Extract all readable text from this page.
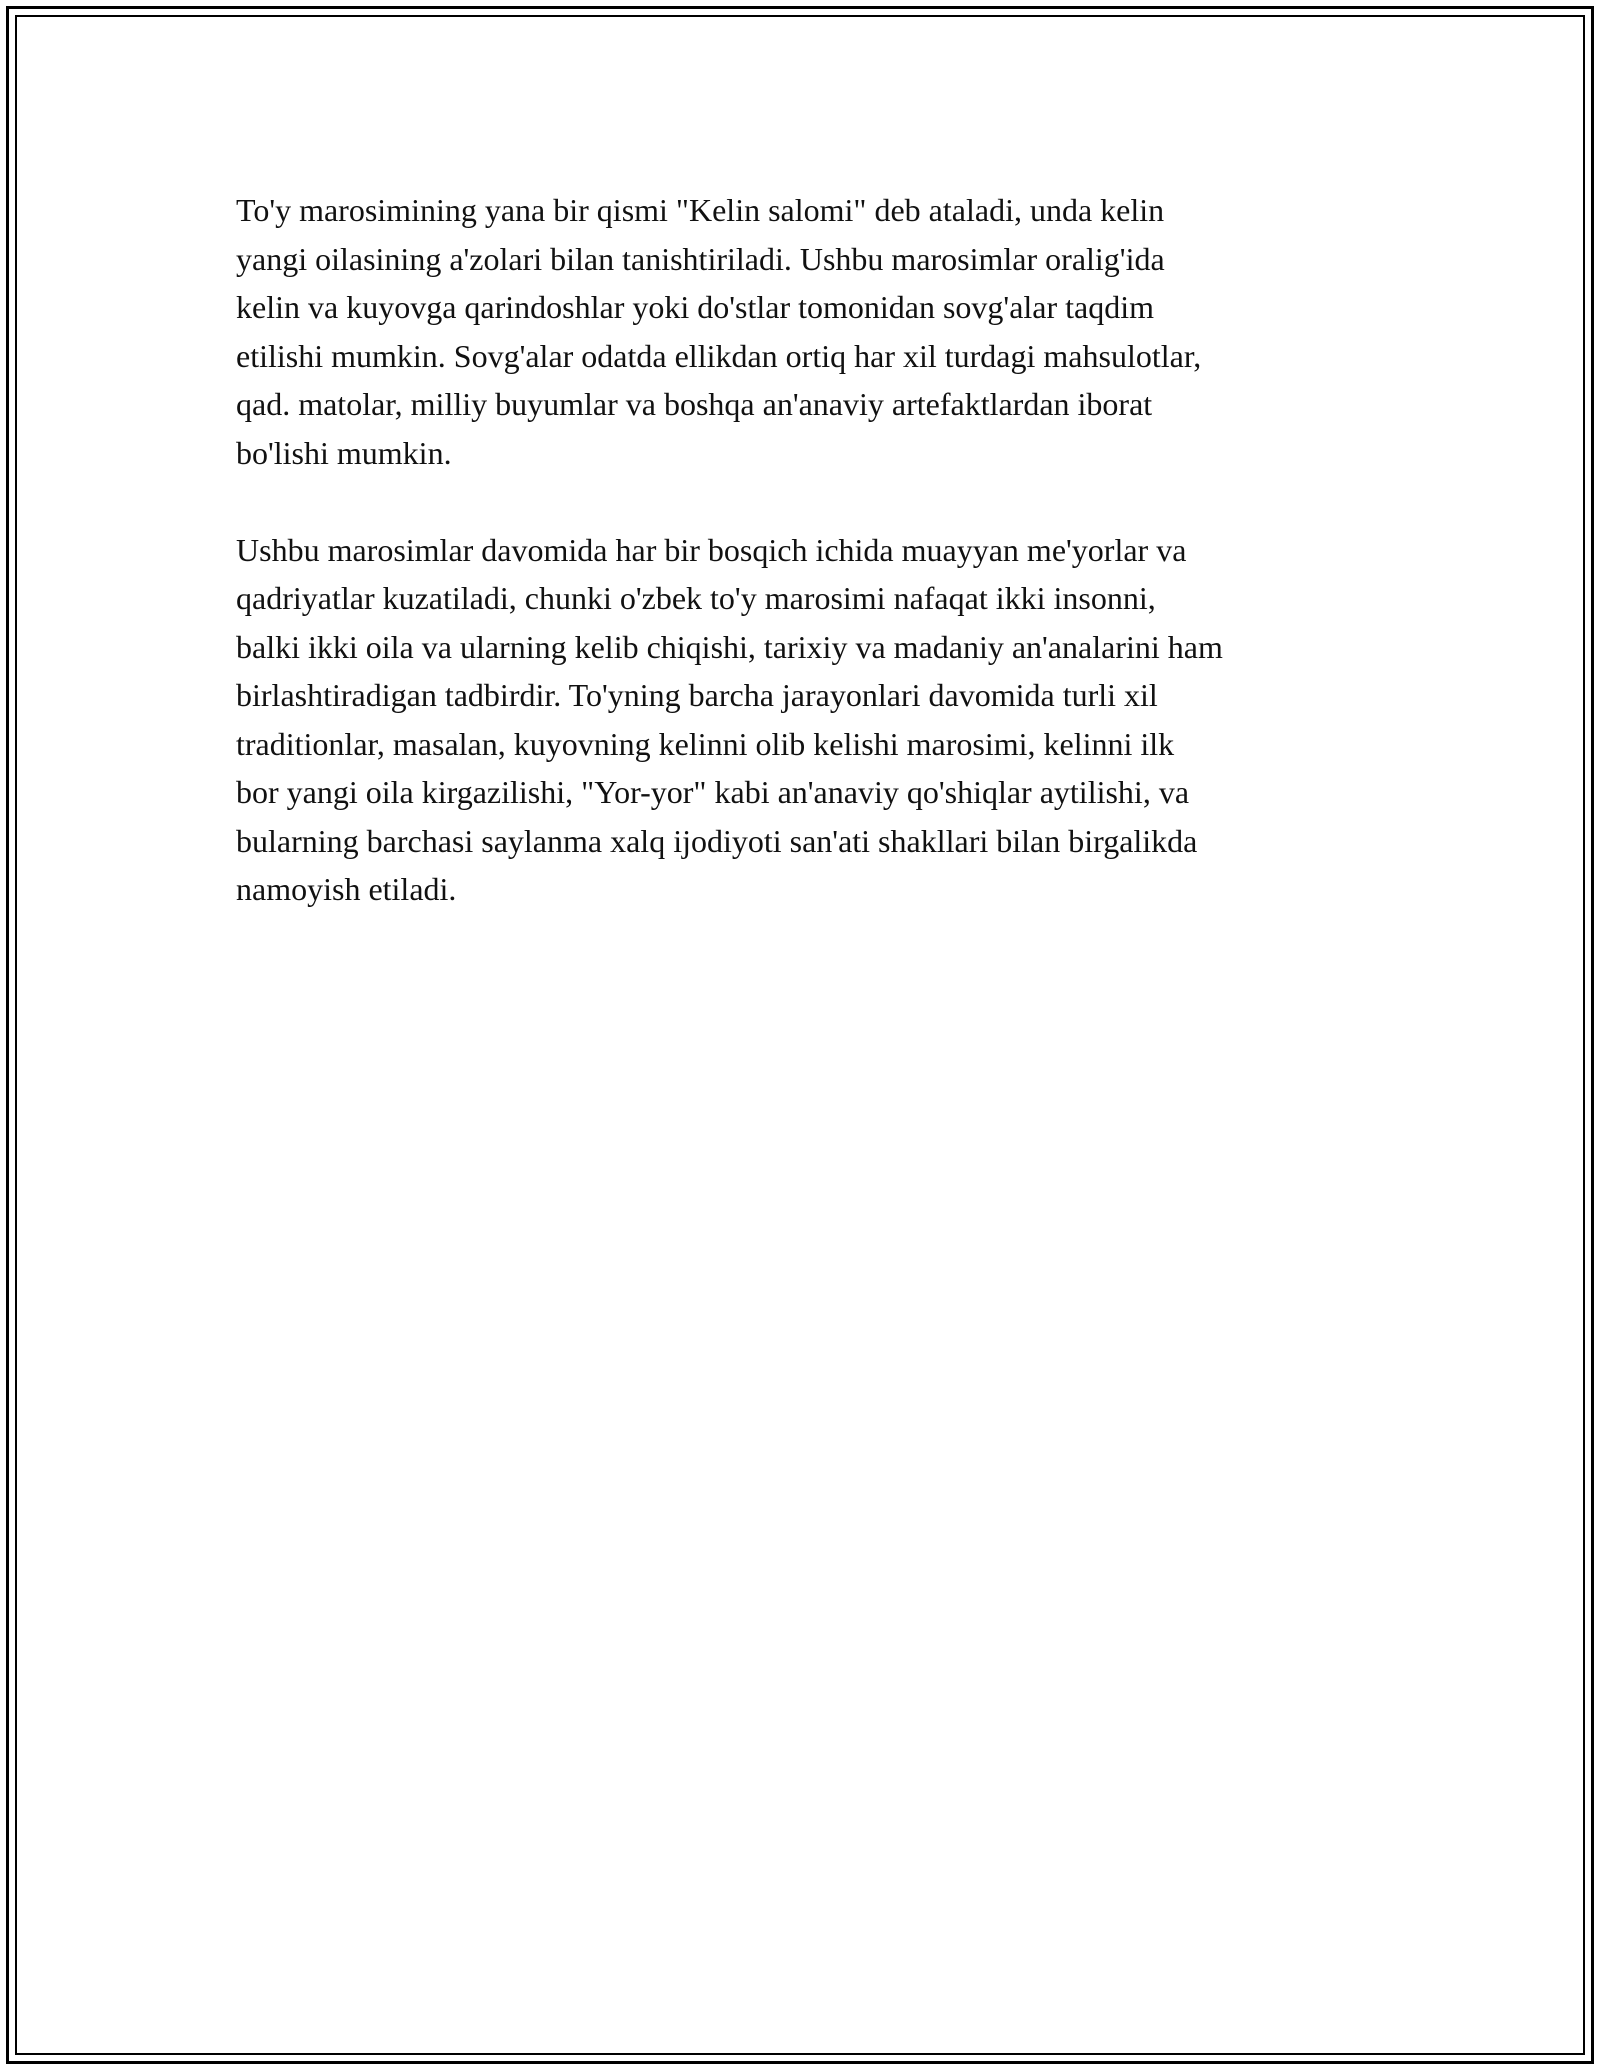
To'y marosimining yana bir qismi "Kelin salomi" deb ataladi, unda kelin
yangi oilasining a'zolari bilan tanishtiriladi. Ushbu marosimlar oralig'ida
kelin va kuyovga qarindoshlar yoki do'stlar tomonidan sovg'alar taqdim
etilishi mumkin. Sovg'alar odatda ellikdan ortiq har xil turdagi mahsulotlar,
qad. matolar, milliy buyumlar va boshqa an'anaviy artefaktlardan iborat
bo'lishi mumkin.

Ushbu marosimlar davomida har bir bosqich ichida muayyan me'yorlar va
qadriyatlar kuzatiladi, chunki o'zbek to'y marosimi nafaqat ikki insonni,
balki ikki oila va ularning kelib chiqishi, tarixiy va madaniy an'analarini ham
birlashtiradigan tadbirdir. To'yning barcha jarayonlari davomida turli xil
traditionlar, masalan, kuyovning kelinni olib kelishi marosimi, kelinni ilk
bor yangi oila kirgazilishi, "Yor-yor" kabi an'anaviy qo'shiqlar aytilishi, va
bularning barchasi saylanma xalq ijodiyoti san'ati shakllari bilan birgalikda
namoyish etiladi.
